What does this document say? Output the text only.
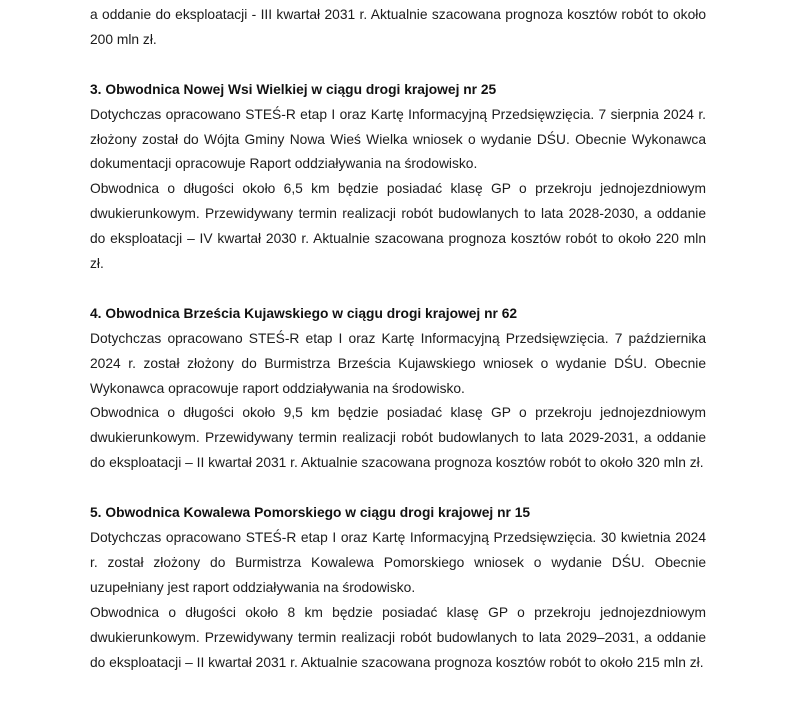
a oddanie do eksploatacji - III kwartał 2031 r. Aktualnie szacowana prognoza kosztów robót to około 200 mln zł.

3. Obwodnica Nowej Wsi Wielkiej w ciągu drogi krajowej nr 25

Dotychczas opracowano STEŚ-R etap I oraz Kartę Informacyjną Przedsięwzięcia. 7 sierpnia 2024 r. złożony został do Wójta Gminy Nowa Wieś Wielka wniosek o wydanie DŚU. Obecnie Wykonawca dokumentacji opracowuje Raport oddziaływania na środowisko.

Obwodnica o długości około 6,5 km będzie posiadać klasę GP o przekroju jednojezdniowym dwukierunkowym. Przewidywany termin realizacji robót budowlanych to lata 2028-2030, a oddanie do eksploatacji – IV kwartał 2030 r. Aktualnie szacowana prognoza kosztów robót to około 220 mln zł.

4. Obwodnica Brześcia Kujawskiego w ciągu drogi krajowej nr 62

Dotychczas opracowano STEŚ-R etap I oraz Kartę Informacyjną Przedsięwzięcia. 7 października 2024 r. został złożony do Burmistrza Brześcia Kujawskiego wniosek o wydanie DŚU. Obecnie Wykonawca opracowuje raport oddziaływania na środowisko.

Obwodnica o długości około 9,5 km będzie posiadać klasę GP o przekroju jednojezdniowym dwukierunkowym. Przewidywany termin realizacji robót budowlanych to lata 2029-2031, a oddanie do eksploatacji – II kwartał 2031 r. Aktualnie szacowana prognoza kosztów robót to około 320 mln zł.

5. Obwodnica Kowalewa Pomorskiego w ciągu drogi krajowej nr 15

Dotychczas opracowano STEŚ-R etap I oraz Kartę Informacyjną Przedsięwzięcia. 30 kwietnia 2024 r. został złożony do Burmistrza Kowalewa Pomorskiego wniosek o wydanie DŚU. Obecnie uzupełniany jest raport oddziaływania na środowisko.

Obwodnica o długości około 8 km będzie posiadać klasę GP o przekroju jednojezdniowym dwukierunkowym. Przewidywany termin realizacji robót budowlanych to lata 2029–2031, a oddanie do eksploatacji – II kwartał 2031 r. Aktualnie szacowana prognoza kosztów robót to około 215 mln zł.
